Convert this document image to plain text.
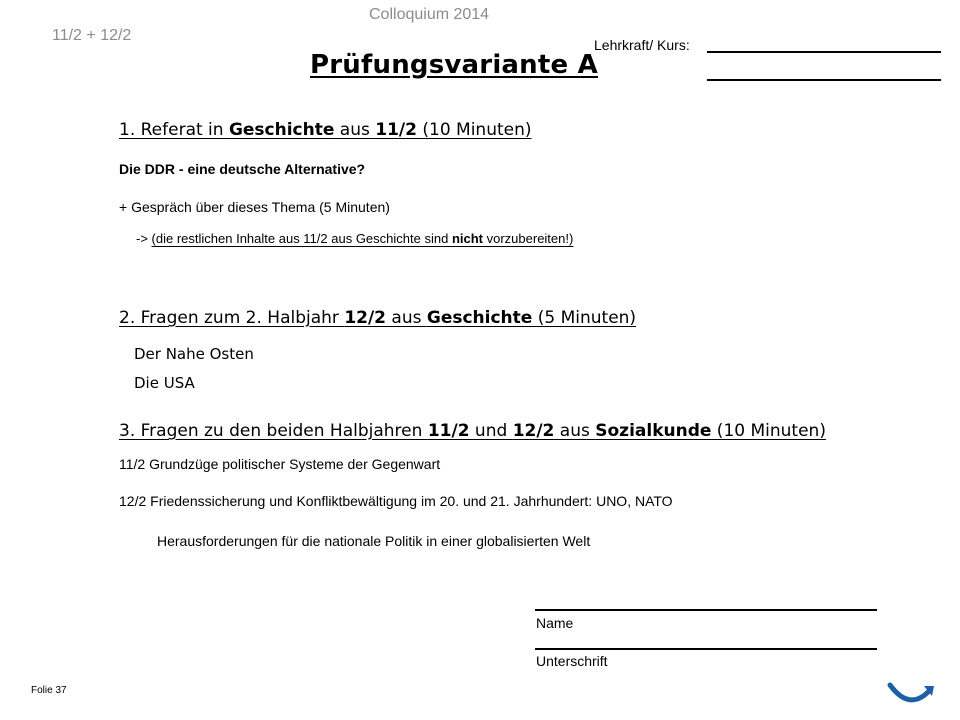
Colloquium 2014
11/2 + 12/2
Lehrkraft/ Kurs:
Prüfungsvariante A
1. Referat in Geschichte aus 11/2 (10 Minuten)
Die DDR - eine deutsche Alternative?
+ Gespräch über dieses Thema (5 Minuten)
-> (die restlichen Inhalte aus 11/2 aus Geschichte sind nicht vorzubereiten!)
2. Fragen zum 2. Halbjahr 12/2 aus Geschichte (5 Minuten)
Der Nahe Osten
Die USA
3. Fragen zu den beiden Halbjahren 11/2 und 12/2 aus Sozialkunde (10 Minuten)
11/2 Grundzüge politischer Systeme der Gegenwart
12/2 Friedenssicherung und Konfliktbewältigung im 20. und 21. Jahrhundert: UNO, NATO
Herausforderungen für die nationale Politik in einer globalisierten Welt
Name
Unterschrift
Folie 37
